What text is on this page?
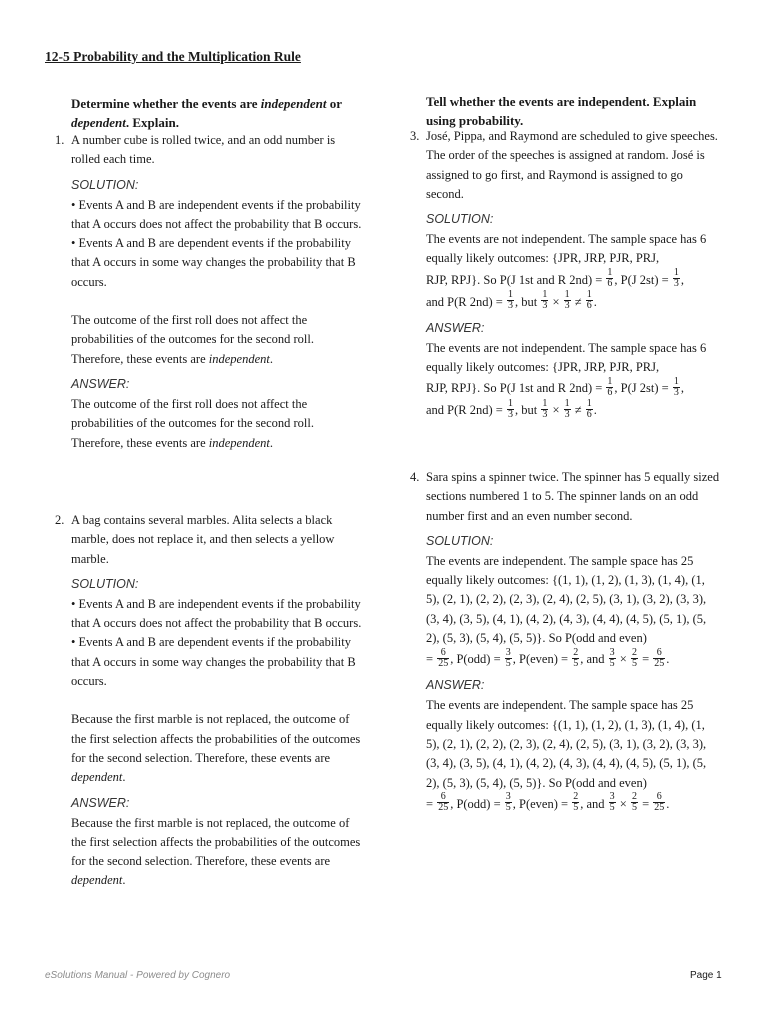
12-5 Probability and the Multiplication Rule
Determine whether the events are independent or dependent. Explain.
1. A number cube is rolled twice, and an odd number is rolled each time.

SOLUTION:

• Events A and B are independent events if the probability that A occurs does not affect the probability that B occurs.

• Events A and B are dependent events if the probability that A occurs in some way changes the probability that B occurs.

The outcome of the first roll does not affect the probabilities of the outcomes for the second roll. Therefore, these events are independent.

ANSWER:

The outcome of the first roll does not affect the probabilities of the outcomes for the second roll. Therefore, these events are independent.

2. A bag contains several marbles. Alita selects a black marble, does not replace it, and then selects a yellow marble.

SOLUTION:

• Events A and B are independent events if the probability that A occurs does not affect the probability that B occurs.

• Events A and B are dependent events if the probability that A occurs in some way changes the probability that B occurs.

Because the first marble is not replaced, the outcome of the first selection affects the probabilities of the outcomes for the second selection. Therefore, these events are dependent.

ANSWER:

Because the first marble is not replaced, the outcome of the first selection affects the probabilities of the outcomes for the second selection. Therefore, these events are dependent.

Tell whether the events are independent. Explain using probability.
3. José, Pippa, and Raymond are scheduled to give speeches. The order of the speeches is assigned at random. José is assigned to go first, and Raymond is assigned to go second.

SOLUTION:

The events are not independent. The sample space has 6 equally likely outcomes: {JPR, JRP, PJR, PRJ,

RJP, RPJ}. So P(J 1st and R $2nd) = \frac{1}{6}$ , P(J $2st) = \frac{1}{3}$ ,
and P(R $2nd) = \frac{1}{3}$ , but $\frac{1}{3} \times \frac{1}{3} \ne \frac{1}{6}$ .
ANSWER:

The events are not independent. The sample space has 6 equally likely outcomes: {JPR, JRP, PJR, PRJ,

RJP, RPJ}. So P(J 1st and R $2nd) = \frac{1}{6}$ , P(J $2st) = \frac{1}{3}$ ,
and P(R $2nd) = \frac{1}{3}$ , but $\frac{1}{3} \times \frac{1}{3} \ne \frac{1}{6}$ .
4. Sara spins a spinner twice. The spinner has 5 equally sized sections numbered 1 to 5. The spinner lands on an odd number first and an even number second.

SOLUTION:

The events are independent. The sample space has 25 equally likely outcomes: {(1, 1), (1, 2), (1, 3), (1, 4), (1, 5), (2, 1), (2, 2), (2, 3), (2, 4), (2, 5), (3, 1), (3, 2), (3, 3), (3, 4), (3, 5), (4, 1), (4, 2), (4, 3), (4, 4), (4, 5), (5, 1), (5, 2), (5, 3), (5, 4), (5, 5)}. So P(odd and even)

= $\frac{6}{25}$ , $P(odd) = \frac{3}{5}$ , P(even) = $\frac{2}{5}$ , and $\frac{3}{5} \times \frac{2}{5} = \frac{6}{25}$ .
ANSWER:

The events are independent. The sample space has 25 equally likely outcomes: {(1, 1), (1, 2), (1, 3), (1, 4), (1, 5), (2, 1), (2, 2), (2, 3), (2, 4), (2, 5), (3, 1), (3, 2), (3, 3), (3, 4), (3, 5), (4, 1), (4, 2), (4, 3), (4, 4), (4, 5), (5, 1), (5, 2), (5, 3), (5, 4), (5, 5)}. So P(odd and even)

= $\frac{6}{25}$ , $P(odd) = \frac{3}{5}$ , P(even) = $\frac{2}{5}$ , and $\frac{3}{5} \times \frac{2}{5} = \frac{6}{25}$ .
eSolutions Manual - Powered by Cognero	Page 1
